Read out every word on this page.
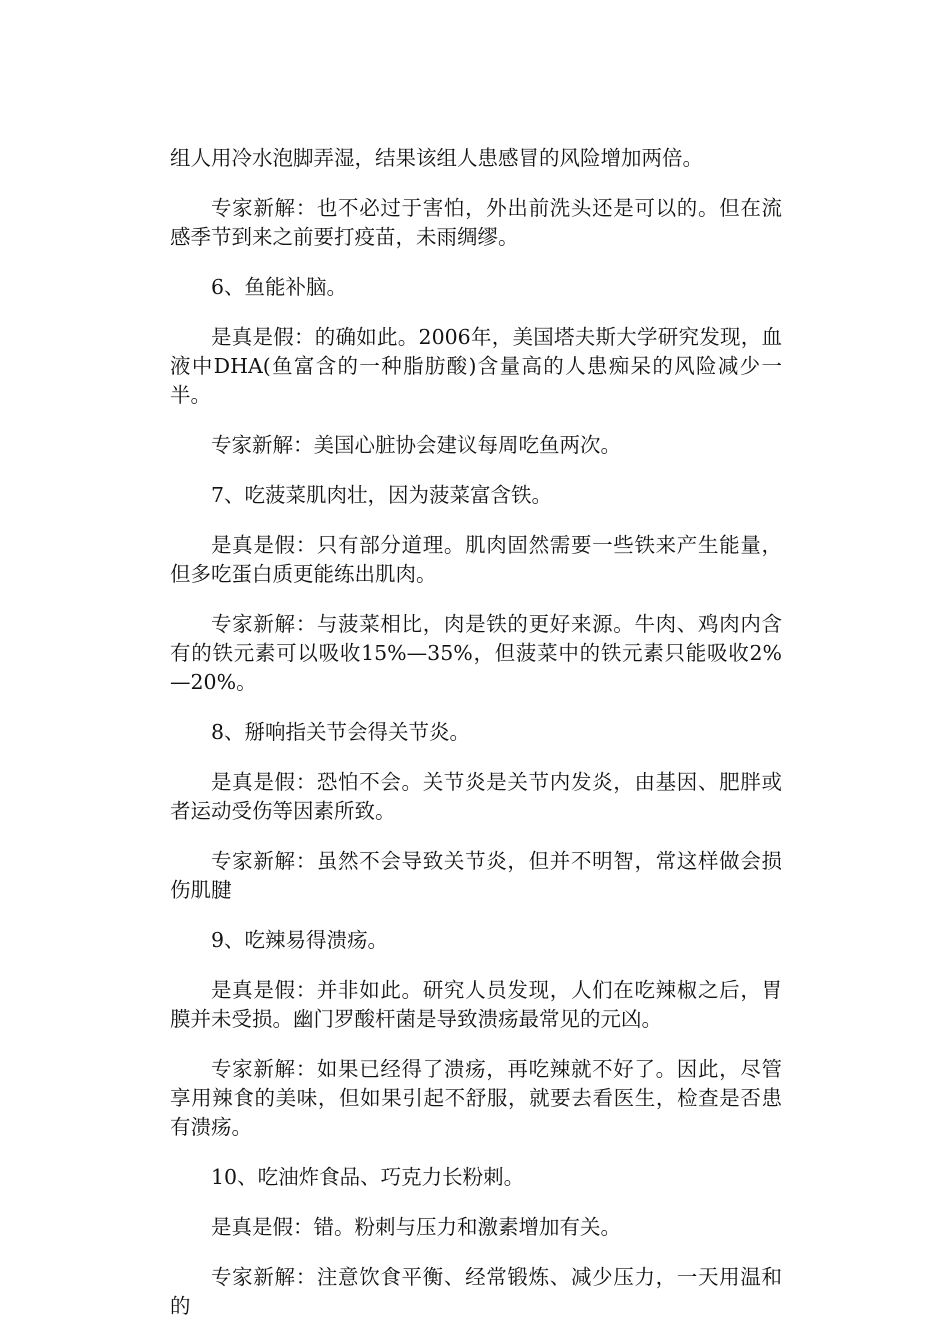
组人用冷水泡脚弄湿，结果该组人患感冒的风险增加两倍。

专家新解：也不必过于害怕，外出前洗头还是可以的。但在流感季节到来之前要打疫苗，未雨绸缪。

6、鱼能补脑。

是真是假：的确如此。2006年，美国塔夫斯大学研究发现，血液中DHA(鱼富含的一种脂肪酸)含量高的人患痴呆的风险减少一半。

专家新解：美国心脏协会建议每周吃鱼两次。

7、吃菠菜肌肉壮，因为菠菜富含铁。

是真是假：只有部分道理。肌肉固然需要一些铁来产生能量，但多吃蛋白质更能练出肌肉。

专家新解：与菠菜相比，肉是铁的更好来源。牛肉、鸡肉内含有的铁元素可以吸收15%—35%，但菠菜中的铁元素只能吸收2%—20%。

8、掰响指关节会得关节炎。

是真是假：恐怕不会。关节炎是关节内发炎，由基因、肥胖或者运动受伤等因素所致。

专家新解：虽然不会导致关节炎，但并不明智，常这样做会损伤肌腱

9、吃辣易得溃疡。

是真是假：并非如此。研究人员发现，人们在吃辣椒之后，胃膜并未受损。幽门罗酸杆菌是导致溃疡最常见的元凶。

专家新解：如果已经得了溃疡，再吃辣就不好了。因此，尽管享用辣食的美味，但如果引起不舒服，就要去看医生，检查是否患有溃疡。

10、吃油炸食品、巧克力长粉刺。

是真是假：错。粉刺与压力和激素增加有关。

专家新解：注意饮食平衡、经常锻炼、减少压力，一天用温和的
